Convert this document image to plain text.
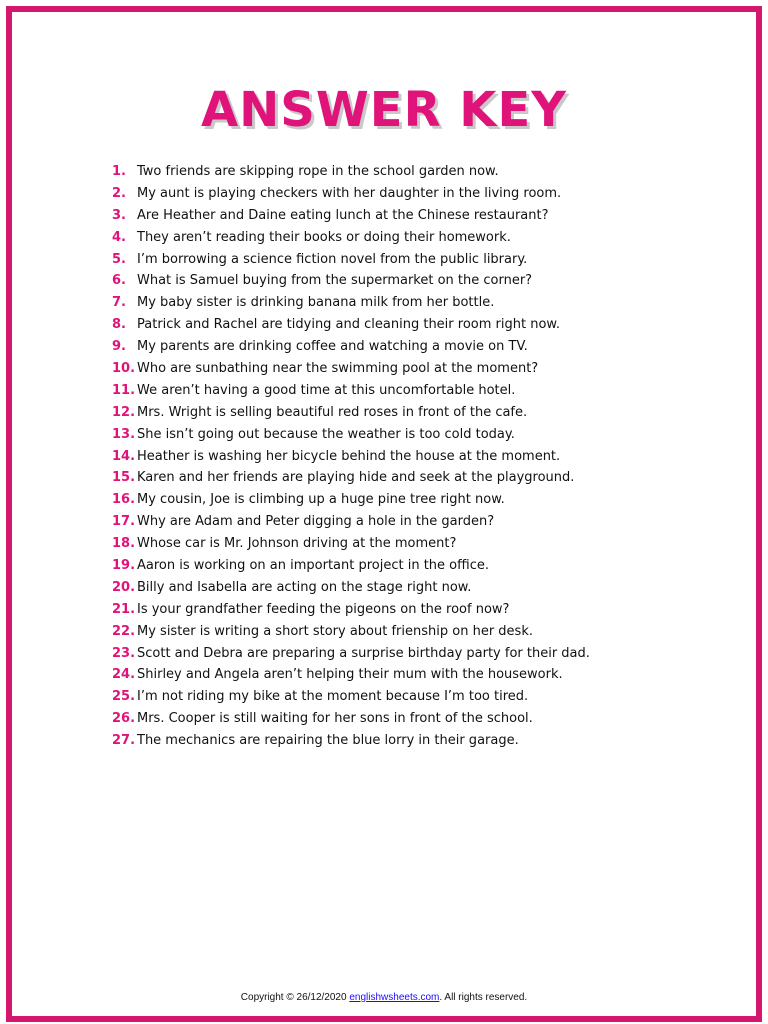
ANSWER KEY
1. Two friends are skipping rope in the school garden now.
2. My aunt is playing checkers with her daughter in the living room.
3. Are Heather and Daine eating lunch at the Chinese restaurant?
4. They aren’t reading their books or doing their homework.
5. I’m borrowing a science fiction novel from the public library.
6. What is Samuel buying from the supermarket on the corner?
7. My baby sister is drinking banana milk from her bottle.
8. Patrick and Rachel are tidying and cleaning their room right now.
9. My parents are drinking coffee and watching a movie on TV.
10. Who are sunbathing near the swimming pool at the moment?
11. We aren’t having a good time at this uncomfortable hotel.
12. Mrs. Wright is selling beautiful red roses in front of the cafe.
13. She isn’t going out because the weather is too cold today.
14. Heather is washing her bicycle behind the house at the moment.
15. Karen and her friends are playing hide and seek at the playground.
16. My cousin, Joe is climbing up a huge pine tree right now.
17. Why are Adam and Peter digging a hole in the garden?
18. Whose car is Mr. Johnson driving at the moment?
19. Aaron is working on an important project in the office.
20. Billy and Isabella are acting on the stage right now.
21. Is your grandfather feeding the pigeons on the roof now?
22. My sister is writing a short story about frienship on her desk.
23. Scott and Debra are preparing a surprise birthday party for their dad.
24. Shirley and Angela aren’t helping their mum with the housework.
25. I’m not riding my bike at the moment because I’m too tired.
26. Mrs. Cooper is still waiting for her sons in front of the school.
27. The mechanics are repairing the blue lorry in their garage.
Copyright © 26/12/2020 englishwsheets.com. All rights reserved.
